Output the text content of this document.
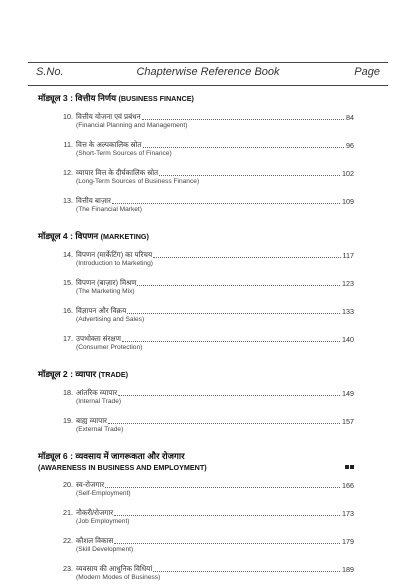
S.No.	Chapterwise Reference Book	Page
मॉड्यूल 3 : वित्तीय निर्णय (BUSINESS FINANCE)
10. वित्तीय योजना एवं प्रबंधन	84
(Financial Planning and Management)
11. वित्त के अल्पकालिक स्रोत	96
(Short-Term Sources of Finance)
12. व्यापार वित्त के दीर्घकालिक स्रोत	102
(Long-Term Sources of Business Finance)
13. वित्तीय बाज़ार	109
(The Financial Market)
मॉड्यूल 4 : विपणन (MARKETING)
14. विपणन (मार्केटिंग) का परिचय	117
(Introduction to Marketing)
15. विपणन (बाज़ार) मिश्रण	123
(The Marketing Mix)
16. विज्ञापन और विक्रय	133
(Advertising and Sales)
17. उपभोक्ता संरक्षण	140
(Consumer Protection)
मॉड्यूल 2 : व्यापार (TRADE)
18. आंतरिक व्यापार	149
(Internal Trade)
19. बाह्य व्यापार	157
(External Trade)
मॉड्यूल 6 : व्यवसाय में जागरूकता और रोजगार
(AWARENESS IN BUSINESS AND EMPLOYMENT)
20. स्व-रोजगार	166
(Self-Employment)
21. नौकरी/रोजगार	173
(Job Employment)
22. कौशल विकास	179
(Skill Development)
23. व्यवसाय की आधुनिक विधियां	189
(Modern Modes of Business)
